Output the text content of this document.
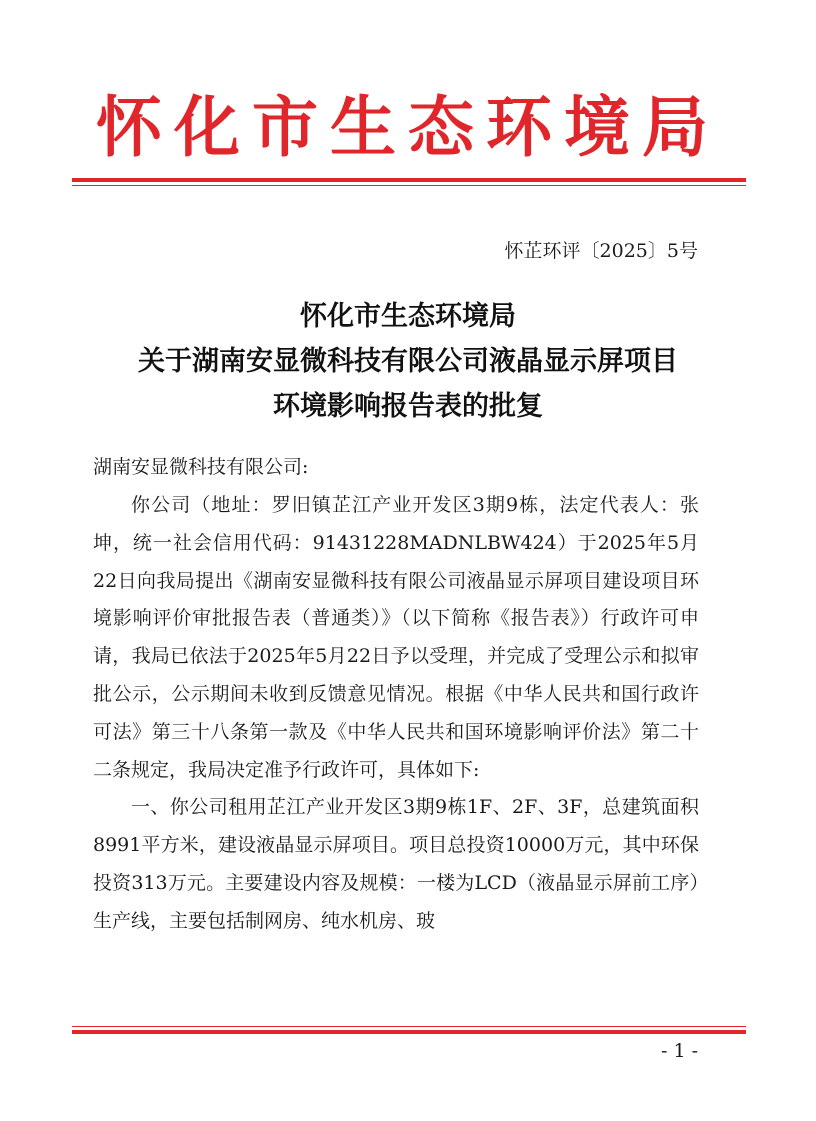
怀化市生态环境局
怀芷环评〔2025〕5号
怀化市生态环境局
关于湖南安显微科技有限公司液晶显示屏项目
环境影响报告表的批复
湖南安显微科技有限公司:

你公司（地址：罗旧镇芷江产业开发区3期9栋，法定代表人：张坤，统一社会信用代码：91431228MADNLBW424）于2025年5月22日向我局提出《湖南安显微科技有限公司液晶显示屏项目建设项目环境影响评价审批报告表（普通类）》（以下简称《报告表》）行政许可申请，我局已依法于2025年5月22日予以受理，并完成了受理公示和拟审批公示，公示期间未收到反馈意见情况。根据《中华人民共和国行政许可法》第三十八条第一款及《中华人民共和国环境影响评价法》第二十二条规定，我局决定准予行政许可，具体如下:

一、你公司租用芷江产业开发区3期9栋1F、2F、3F，总建筑面积8991平方米，建设液晶显示屏项目。项目总投资10000万元，其中环保投资313万元。主要建设内容及规模：一楼为LCD（液晶显示屏前工序）生产线，主要包括制网房、纯水机房、玻

- 1 -
